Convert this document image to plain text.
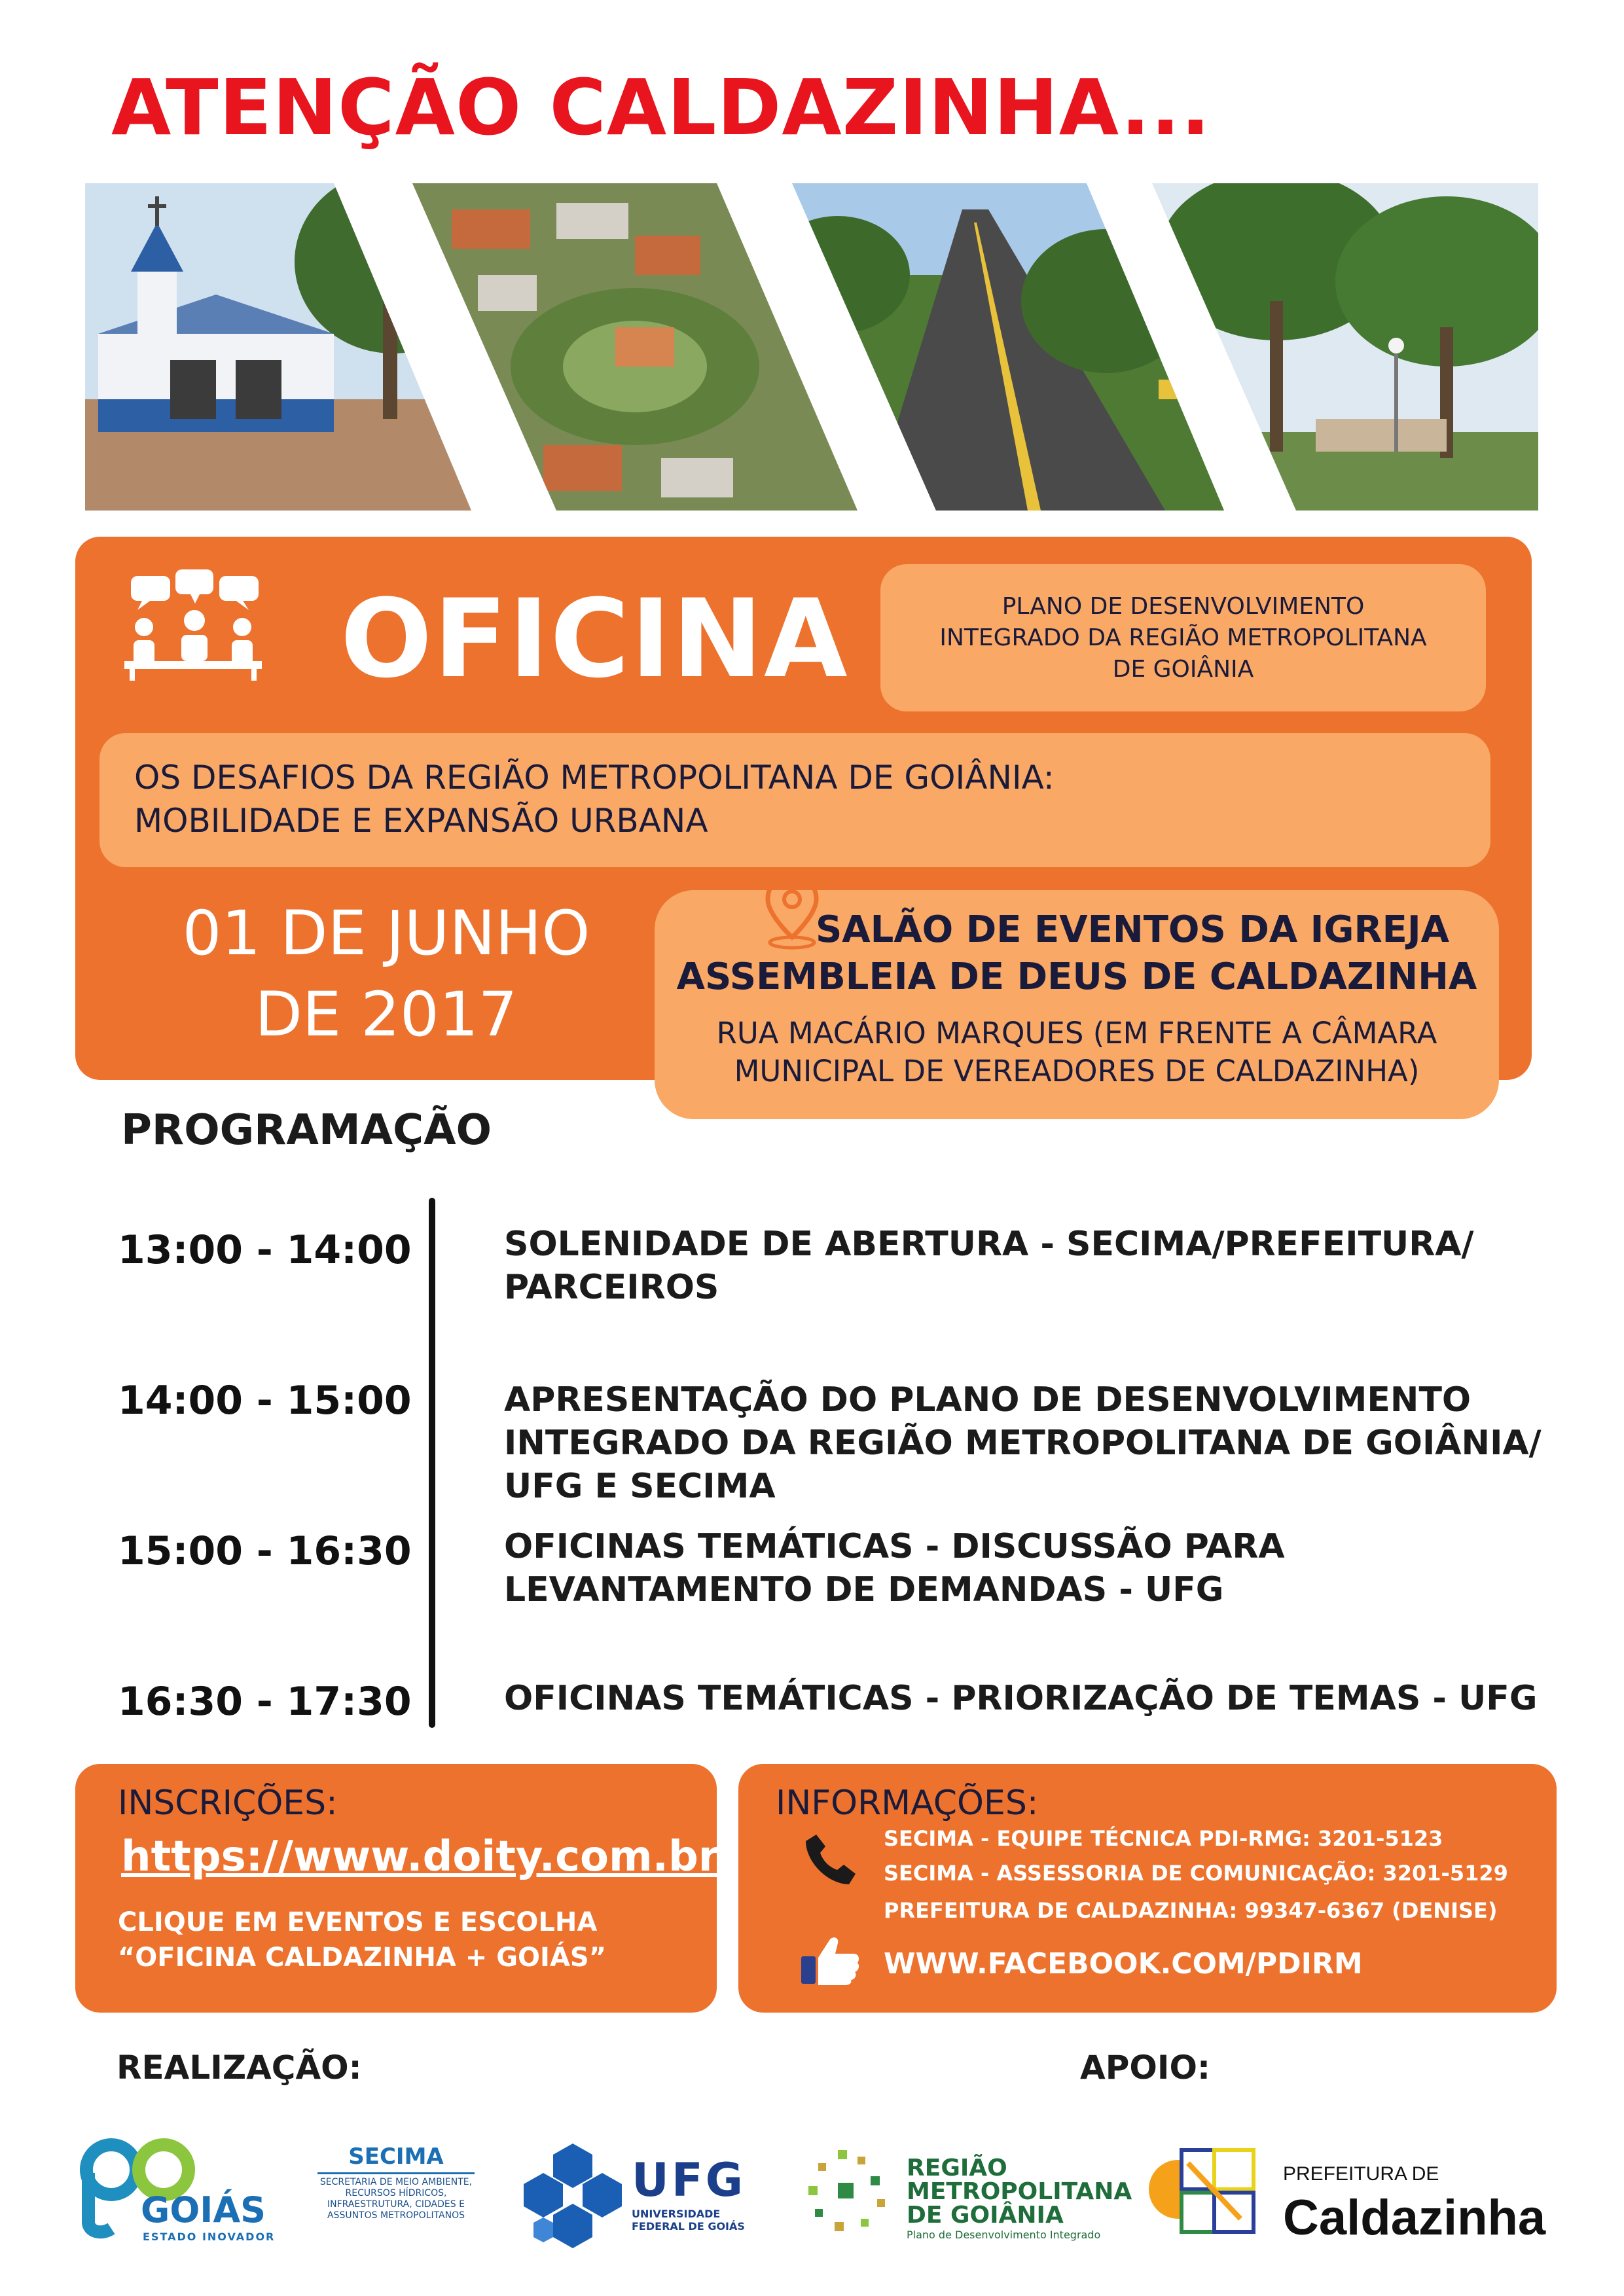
ATENÇÃO CALDAZINHA...
OFICINA	PLANO DE DESENVOLVIMENTO
INTEGRADO DA REGIÃO METROPOLITANA
DE GOIÂNIA
OS DESAFIOS DA REGIÃO METROPOLITANA DE GOIÂNIA:
MOBILIDADE E EXPANSÃO URBANA
01 DE JUNHO
DE 2017
SALÃO DE EVENTOS DA IGREJA
ASSEMBLEIA DE DEUS DE CALDAZINHA
RUA MACÁRIO MARQUES (EM FRENTE A CÂMARA
MUNICIPAL DE VEREADORES DE CALDAZINHA)
PROGRAMAÇÃO
13:00 - 14:00	SOLENIDADE DE ABERTURA - SECIMA/PREFEITURA/
PARCEIROS
14:00 - 15:00	APRESENTAÇÃO DO PLANO DE DESENVOLVIMENTO
INTEGRADO DA REGIÃO METROPOLITANA DE GOIÂNIA/
UFG E SECIMA
15:00 - 16:30	OFICINAS TEMÁTICAS - DISCUSSÃO PARA
LEVANTAMENTO DE DEMANDAS - UFG
16:30 - 17:30	OFICINAS TEMÁTICAS - PRIORIZAÇÃO DE TEMAS - UFG
INSCRIÇÕES:
https://www.doity.com.br
CLIQUE EM EVENTOS E ESCOLHA
“OFICINA CALDAZINHA + GOIÁS”
INFORMAÇÕES:
SECIMA - EQUIPE TÉCNICA PDI-RMG: 3201-5123
SECIMA - ASSESSORIA DE COMUNICAÇÃO: 3201-5129
PREFEITURA DE CALDAZINHA: 99347-6367 (DENISE)
WWW.FACEBOOK.COM/PDIRM
REALIZAÇÃO:	APOIO:
GOIÁS
ESTADO INOVADOR
SECIMA
SECRETARIA DE MEIO AMBIENTE,
RECURSOS HÍDRICOS,
INFRAESTRUTURA, CIDADES E
ASSUNTOS METROPOLITANOS
UFG
UNIVERSIDADE
FEDERAL DE GOIÁS
REGIÃO
METROPOLITANA
DE GOIÂNIA
Plano de Desenvolvimento Integrado
PREFEITURA DE
Caldazinha
